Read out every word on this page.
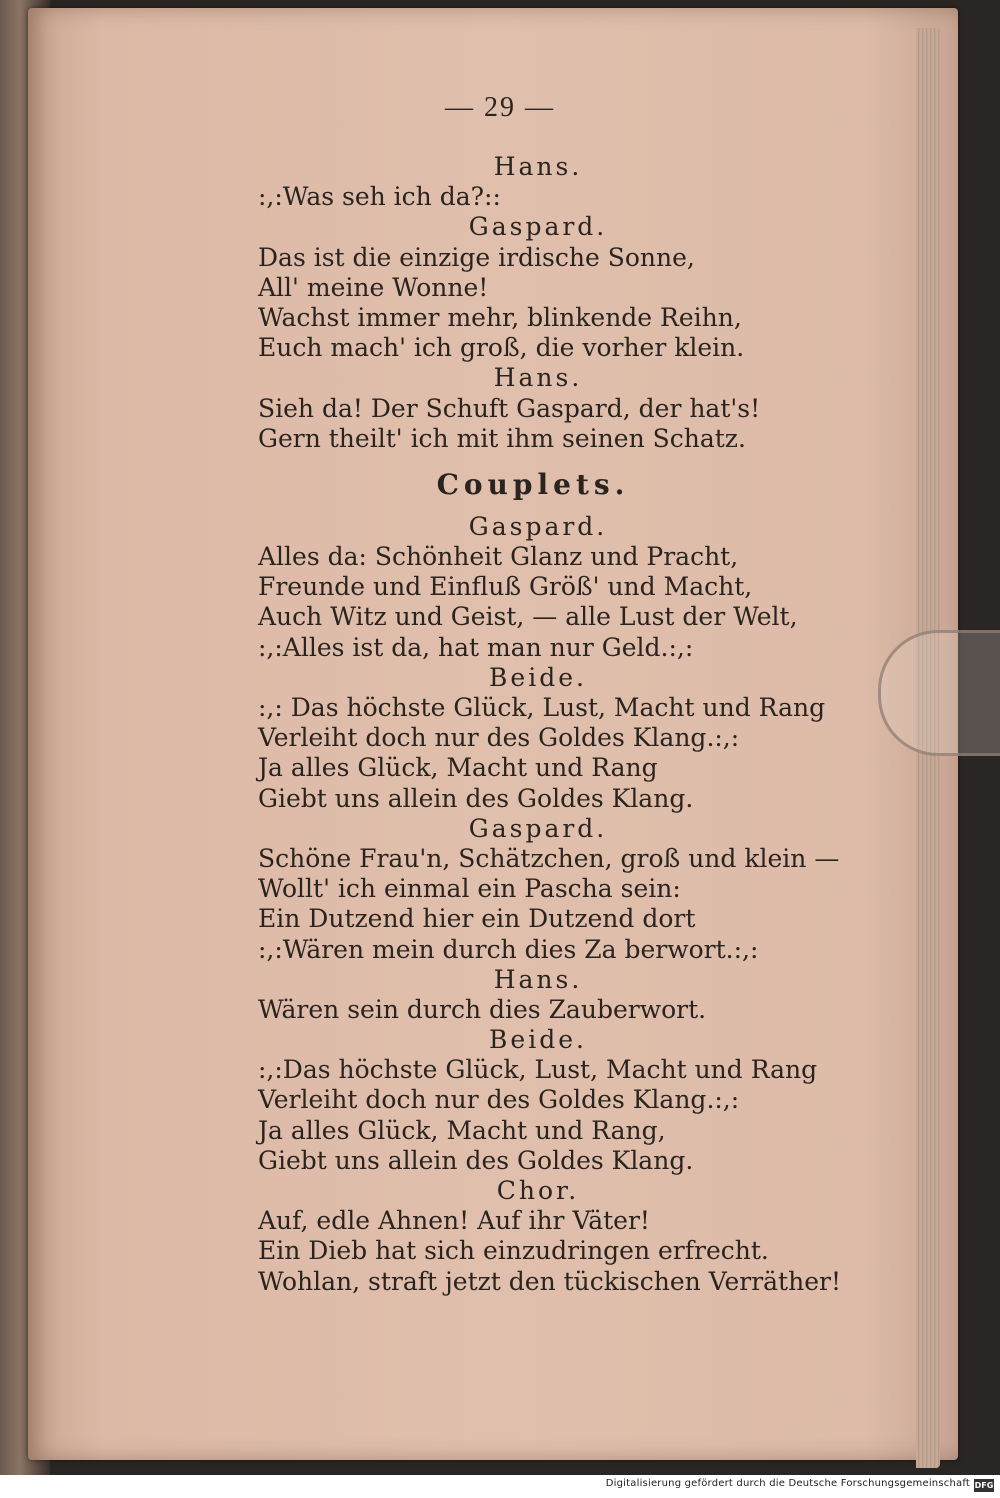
— 29 —
Hans.
:,:Was seh ich da?::
Gaspard.
Das ist die einzige irdische Sonne,
All' meine Wonne!
Wachst immer mehr, blinkende Reihn,
Euch mach' ich groß, die vorher klein.
Hans.
Sieh da! Der Schuft Gaspard, der hat's!
Gern theilt' ich mit ihm seinen Schatz.
Couplets.
Gaspard.
Alles da: Schönheit Glanz und Pracht,
Freunde und Einfluß Größ' und Macht,
Auch Witz und Geist, — alle Lust der Welt,
:,:Alles ist da, hat man nur Geld.:,:
Beide.
:,: Das höchste Glück, Lust, Macht und Rang
Verleiht doch nur des Goldes Klang.:,:
Ja alles Glück, Macht und Rang
Giebt uns allein des Goldes Klang.
Gaspard.
Schöne Frau'n, Schätzchen, groß und klein —
Wollt' ich einmal ein Pascha sein:
Ein Dutzend hier ein Dutzend dort
:,:Wären mein durch dies Za berwort.:,:
Hans.
Wären sein durch dies Zauberwort.
Beide.
:,:Das höchste Glück, Lust, Macht und Rang
Verleiht doch nur des Goldes Klang.:,:
Ja alles Glück, Macht und Rang,
Giebt uns allein des Goldes Klang.
Chor.
Auf, edle Ahnen! Auf ihr Väter!
Ein Dieb hat sich einzudringen erfrecht.
Wohlan, straft jetzt den tückischen Verräther!
Digitalisierung gefördert durch die Deutsche Forschungsgemeinschaft DFG
